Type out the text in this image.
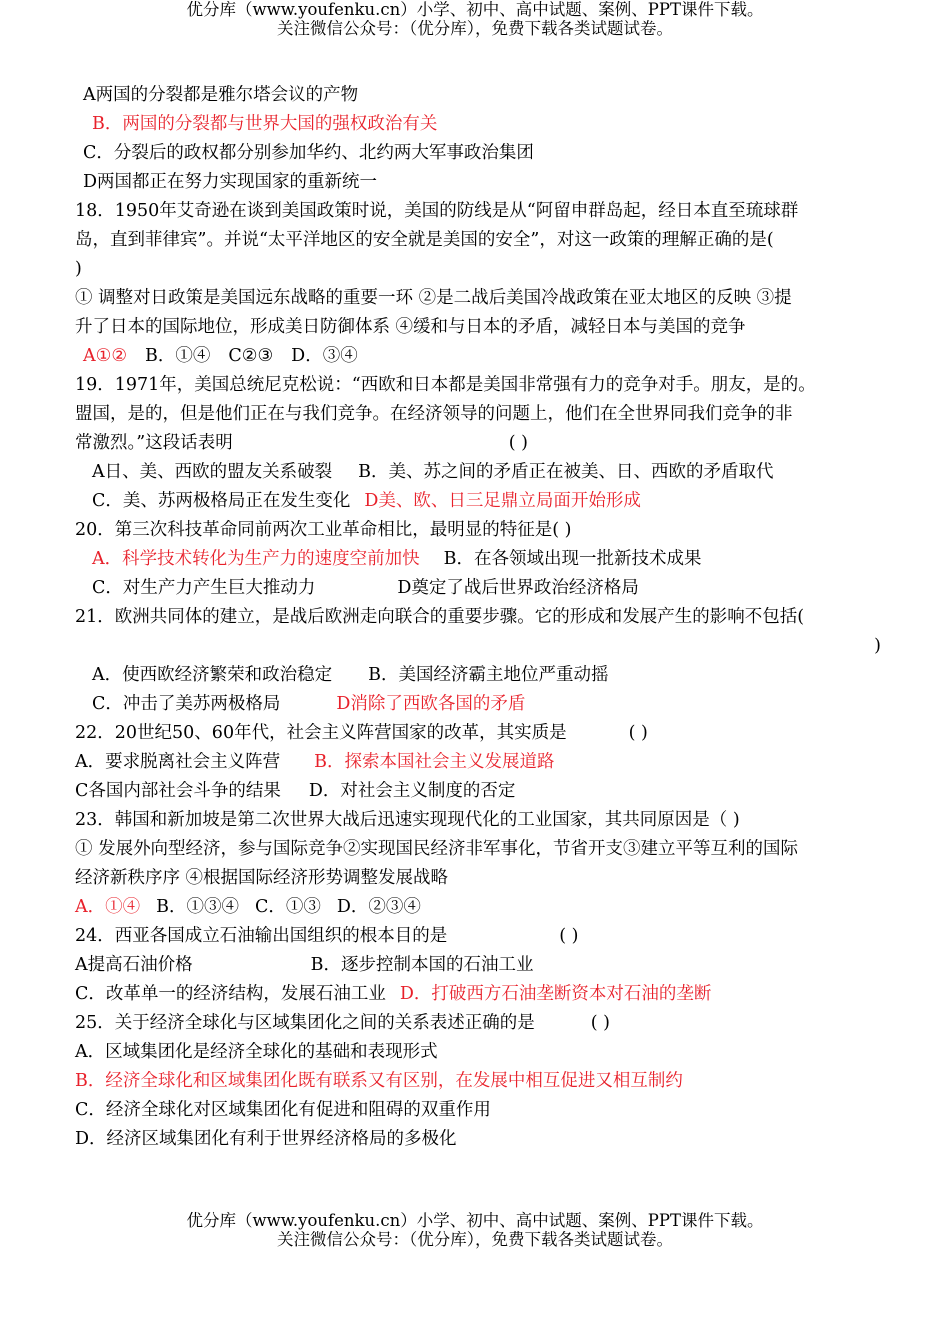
优分库（www.youfenku.cn）小学、初中、高中试题、案例、PPT课件下载。
关注微信公众号：（优分库），免费下载各类试题试卷。
A两国的分裂都是雅尔塔会议的产物
B．两国的分裂都与世界大国的强权政治有关
C．分裂后的政权都分别参加华约、北约两大军事政治集团
D两国都正在努力实现国家的重新统一
18．1950年艾奇逊在谈到美国政策时说，美国的防线是从“阿留申群岛起，经日本直至琉球群
岛，直到菲律宾”。并说“太平洋地区的安全就是美国的安全”，对这一政策的理解正确的是(
)
① 调整对日政策是美国远东战略的重要一环 ②是二战后美国冷战政策在亚太地区的反映 ③提
升了日本的国际地位，形成美日防御体系 ④缓和与日本的矛盾，减轻日本与美国的竞争
A①② B．①④ C②③ D．③④
19．1971年，美国总统尼克松说：“西欧和日本都是美国非常强有力的竞争对手。朋友，是的。
盟国，是的，但是他们正在与我们竞争。在经济领导的问题上，他们在全世界同我们竞争的非
常激烈。”这段话表明	( )
A日、美、西欧的盟友关系破裂 B．美、苏之间的矛盾正在被美、日、西欧的矛盾取代
C．美、苏两极格局正在发生变化 D美、欧、日三足鼎立局面开始形成
20．第三次科技革命同前两次工业革命相比，最明显的特征是( )
A．科学技术转化为生产力的速度空前加快 B．在各领域出现一批新技术成果
C．对生产力产生巨大推动力	D奠定了战后世界政治经济格局
21．欧洲共同体的建立，是战后欧洲走向联合的重要步骤。它的形成和发展产生的影响不包括(
)
A．使西欧经济繁荣和政治稳定 B．美国经济霸主地位严重动摇
C．冲击了美苏两极格局	D消除了西欧各国的矛盾
22．20世纪50、60年代，社会主义阵营国家的改革，其实质是	( )
A．要求脱离社会主义阵营 B．探索本国社会主义发展道路
C各国内部社会斗争的结果 D．对社会主义制度的否定
23．韩国和新加坡是第二次世界大战后迅速实现现代化的工业国家，其共同原因是（ )
① 发展外向型经济，参与国际竞争②实现国民经济非军事化，节省开支③建立平等互利的国际
经济新秩序序 ④根据国际经济形势调整发展战略
A．①④ B．①③④ C．①③ D．②③④
24．西亚各国成立石油输出国组织的根本目的是	( )
A提高石油价格	B．逐步控制本国的石油工业
C．改革单一的经济结构，发展石油工业 D．打破西方石油垄断资本对石油的垄断
25．关于经济全球化与区域集团化之间的关系表述正确的是	( )
A．区域集团化是经济全球化的基础和表现形式
B．经济全球化和区域集团化既有联系又有区别，在发展中相互促进又相互制约
C．经济全球化对区域集团化有促进和阻碍的双重作用
D．经济区域集团化有利于世界经济格局的多极化
优分库（www.youfenku.cn）小学、初中、高中试题、案例、PPT课件下载。
关注微信公众号：（优分库），免费下载各类试题试卷。
